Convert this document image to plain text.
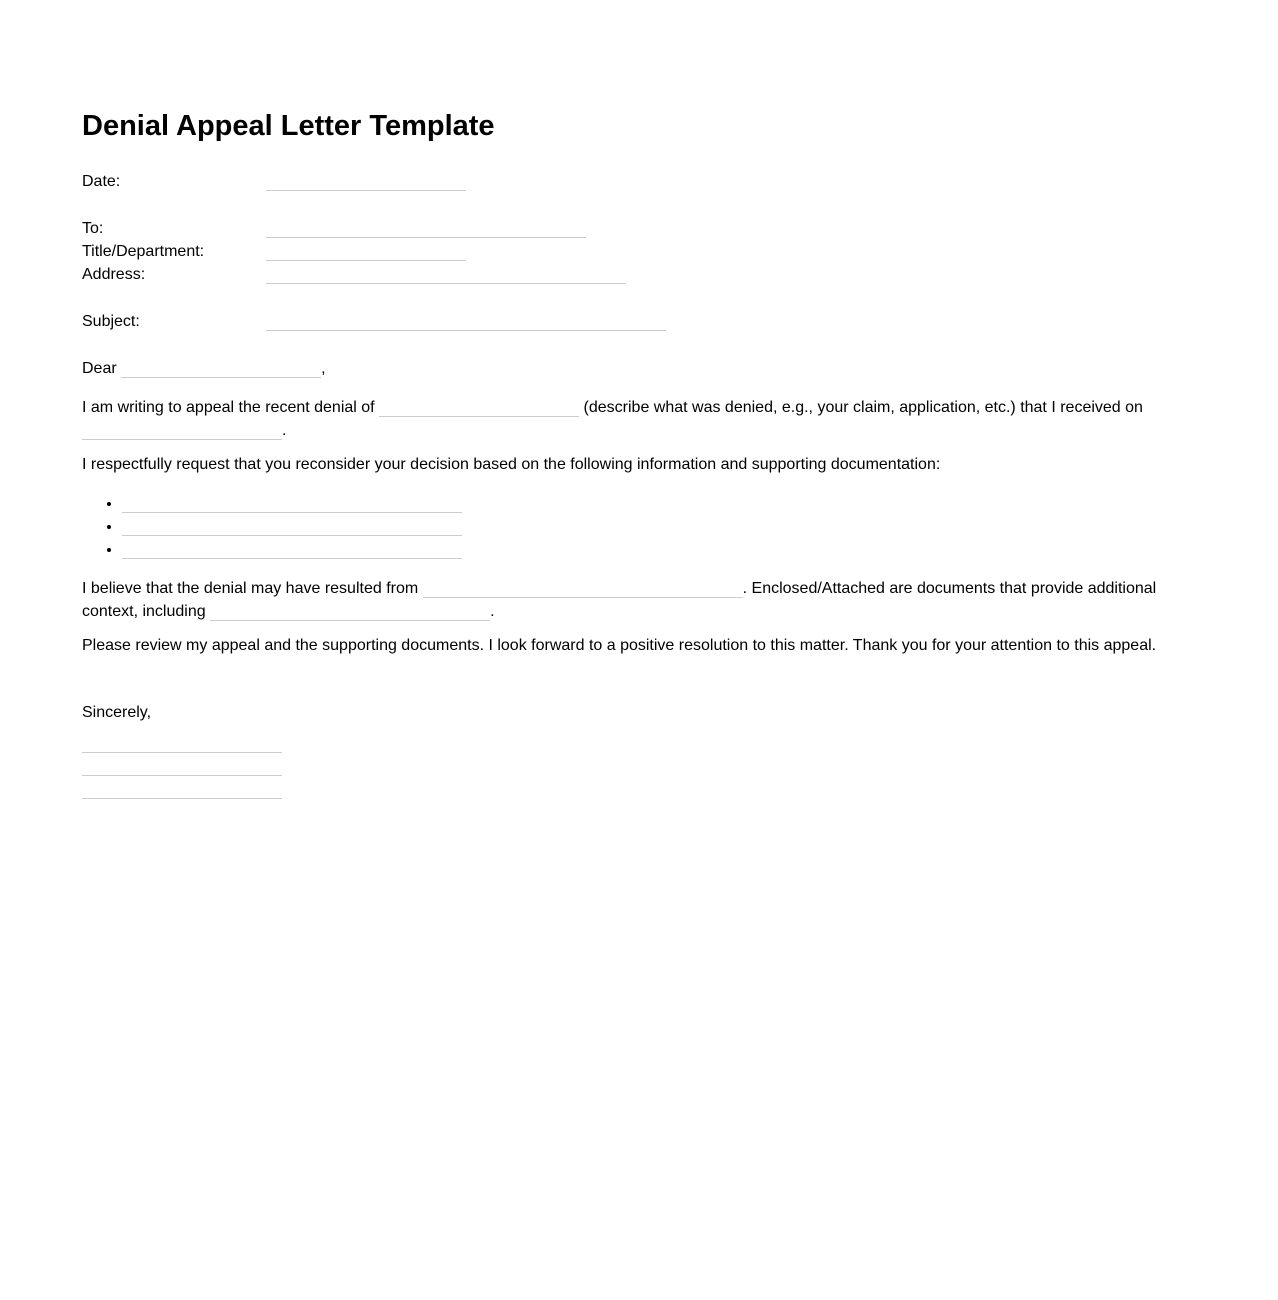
Denial Appeal Letter Template
Date:
To:
Title/Department:
Address:
Subject:
Dear	,
I am writing to appeal the recent denial of	(describe what was denied, e.g., your claim, application, etc.) that I received on
.
I respectfully request that you reconsider your decision based on the following information and supporting documentation:
•
•
•
I believe that the denial may have resulted from	. Enclosed/Attached are documents that provide additional context, including	.
Please review my appeal and the supporting documents. I look forward to a positive resolution to this matter. Thank you for your attention to this appeal.
Sincerely,
